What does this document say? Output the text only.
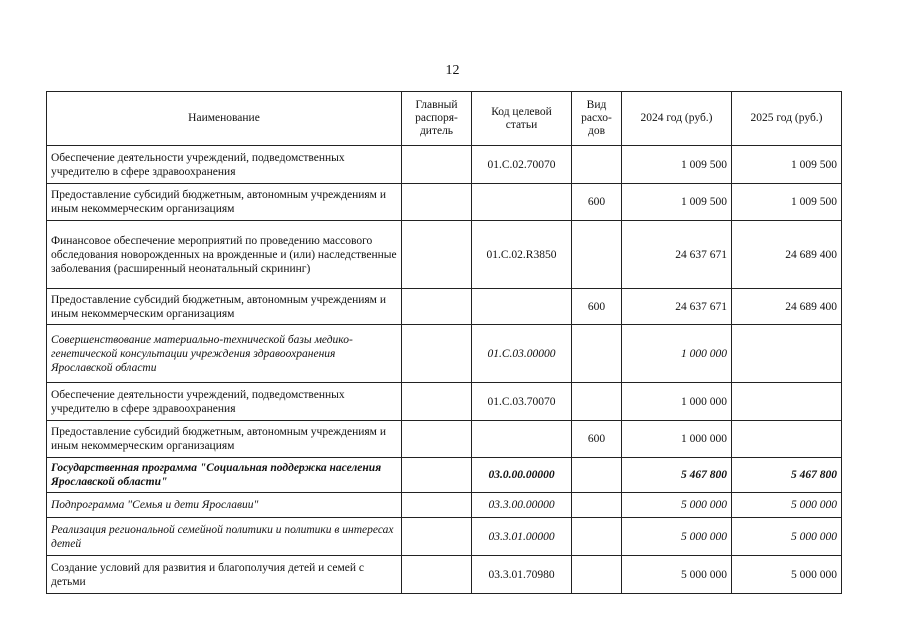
12
Наименование	Главный распоря-дитель	Код целевой статьи	Вид расхо-дов	2024 год (руб.)	2025 год (руб.)
Обеспечение деятельности учреждений, подведомственных учредителю в сфере здравоохранения		01.С.02.70070		1 009 500	1 009 500
Предоставление субсидий бюджетным, автономным учреждениям и иным некоммерческим организациям			600	1 009 500	1 009 500
Финансовое обеспечение мероприятий по проведению массового обследования новорожденных на врожденные и (или) наследственные заболевания (расширенный неонатальный скрининг)		01.С.02.R3850		24 637 671	24 689 400
Предоставление субсидий бюджетным, автономным учреждениям и иным некоммерческим организациям			600	24 637 671	24 689 400
Совершенствование материально-технической базы медико-генетической консультации учреждения здравоохранения Ярославской области		01.С.03.00000		1 000 000	
Обеспечение деятельности учреждений, подведомственных учредителю в сфере здравоохранения		01.С.03.70070		1 000 000	
Предоставление субсидий бюджетным, автономным учреждениям и иным некоммерческим организациям			600	1 000 000	
Государственная программа "Социальная поддержка населения Ярославской области"		03.0.00.00000		5 467 800	5 467 800
Подпрограмма "Семья и дети Ярославии"		03.3.00.00000		5 000 000	5 000 000
Реализация региональной семейной политики и политики в интересах детей		03.3.01.00000		5 000 000	5 000 000
Создание условий для развития и благополучия детей и семей с детьми		03.3.01.70980		5 000 000	5 000 000
